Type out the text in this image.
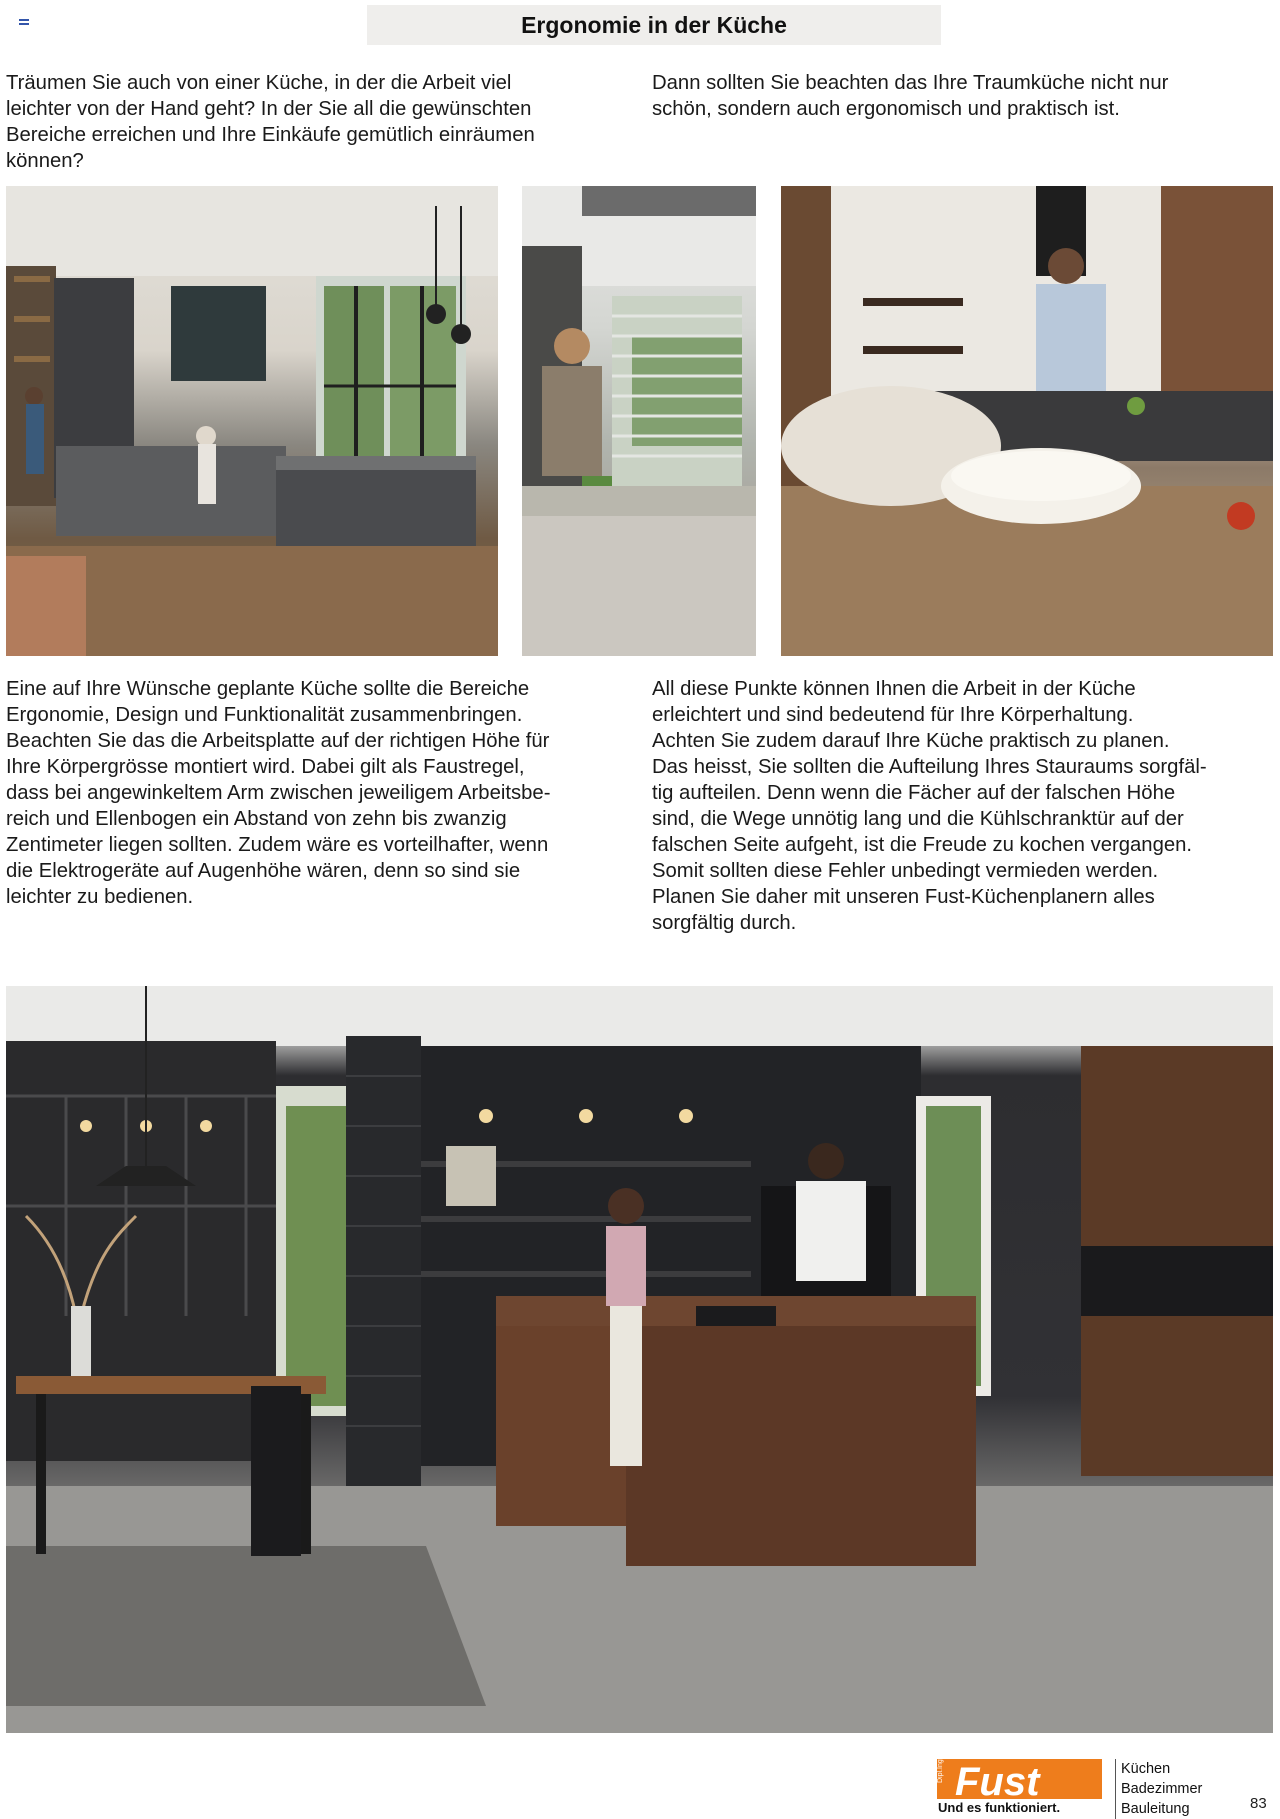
Ergonomie in der Küche

Träumen Sie auch von einer Küche, in der die Arbeit viel
leichter von der Hand geht? In der Sie all die gewünschten
Bereiche erreichen und Ihre Einkäufe gemütlich einräumen
können?

Dann sollten Sie beachten das Ihre Traumküche nicht nur
schön, sondern auch ergonomisch und praktisch ist.

Eine auf Ihre Wünsche geplante Küche sollte die Bereiche
Ergonomie, Design und Funktionalität zusammenbringen.
Beachten Sie das die Arbeitsplatte auf der richtigen Höhe für
Ihre Körpergrösse montiert wird. Dabei gilt als Faustregel,
dass bei angewinkeltem Arm zwischen jeweiligem Arbeitsbe-
reich und Ellenbogen ein Abstand von zehn bis zwanzig
Zentimeter liegen sollten. Zudem wäre es vorteilhafter, wenn
die Elektrogeräte auf Augenhöhe wären, denn so sind sie
leichter zu bedienen.

All diese Punkte können Ihnen die Arbeit in der Küche
erleichtert und sind bedeutend für Ihre Körperhaltung.
Achten Sie zudem darauf Ihre Küche praktisch zu planen.
Das heisst, Sie sollten die Aufteilung Ihres Stauraums sorgfäl-
tig aufteilen. Denn wenn die Fächer auf der falschen Höhe
sind, die Wege unnötig lang und die Kühlschranktür auf der
falschen Seite aufgeht, ist die Freude zu kochen vergangen.
Somit sollten diese Fehler unbedingt vermieden werden.
Planen Sie daher mit unseren Fust-Küchenplanern alles
sorgfältig durch.

Dipl.Ing. Fust
Und es funktioniert.
Küchen
Badezimmer
Bauleitung	83
